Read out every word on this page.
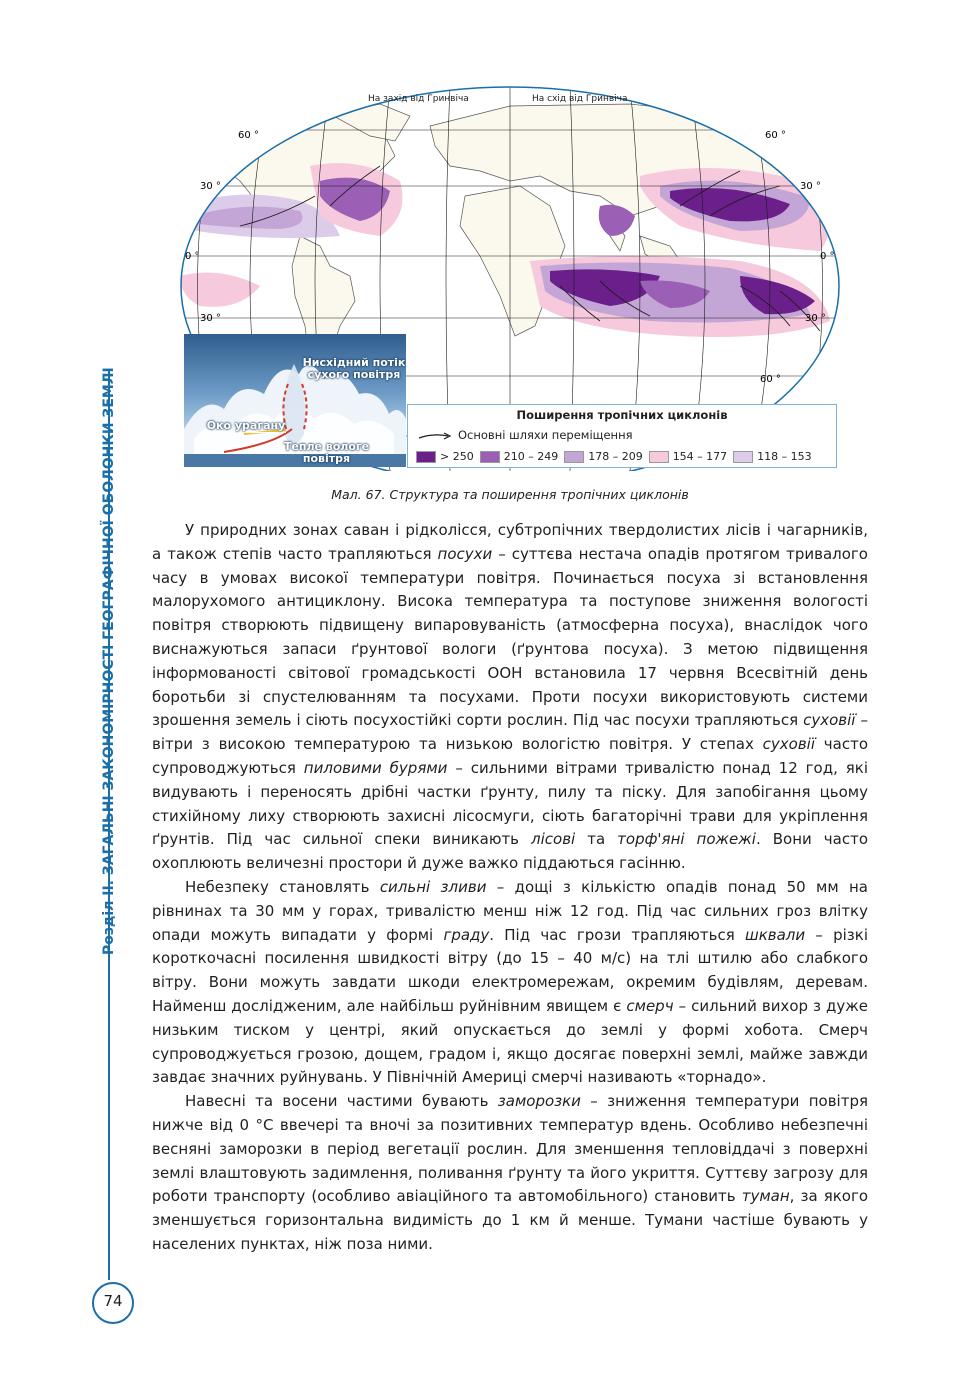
Розділ ІІ. ЗАГАЛЬНІ ЗАКОНОМІРНОСТІ ГЕОГРАФІЧНОЇ ОБОЛОНКИ ЗЕМЛІ
74
На захід від Гринвіча	На схід від Гринвіча
60 °	60 °
30 °	30 °
0 °	0 °
30 °	30 °
60 °
Нисхідний потік сухого повітря
Око урагану
Тепле вологе повітря
Поширення тропічних циклонів
Основні шляхи переміщення
> 250	210 – 249	178 – 209	154 – 177	118 – 153
Мал. 67. Структура та поширення тропічних циклонів

У природних зонах саван і рідколісся, субтропічних твердолистих лісів і чагарників, а також степів часто трапляються посухи – суттєва нестача опадів протягом тривалого часу в умовах високої температури повітря. Починається посуха зі встановлення малорухомого антициклону. Висока температура та поступове зниження вологості повітря створюють підвищену випаровуваність (атмосферна посуха), внаслідок чого виснажуються запаси ґрунтової вологи (ґрунтова посуха). З метою підвищення інформованості світової громадськості ООН встановила 17 червня Всесвітній день боротьби зі спустелюванням та посухами. Проти посухи використовують системи зрошення земель і сіють посухостійкі сорти рослин. Під час посухи трапляються суховії – вітри з високою температурою та низькою вологістю повітря. У степах суховії часто супроводжуються пиловими бурями – сильними вітрами тривалістю понад 12 год, які видувають і переносять дрібні частки ґрунту, пилу та піску. Для запобігання цьому стихійному лиху створюють захисні лісосмуги, сіють багаторічні трави для укріплення ґрунтів. Під час сильної спеки виникають лісові та торф'яні пожежі. Вони часто охоплюють величезні простори й дуже важко піддаються гасінню.

Небезпеку становлять сильні зливи – дощі з кількістю опадів понад 50 мм на рівнинах та 30 мм у горах, тривалістю менш ніж 12 год. Під час сильних гроз влітку опади можуть випадати у формі граду. Під час грози трапляються шквали – різкі короткочасні посилення швидкості вітру (до 15 – 40 м/с) на тлі штилю або слабкого вітру. Вони можуть завдати шкоди електромережам, окремим будівлям, деревам. Найменш дослідженим, але найбільш руйнівним явищем є смерч – сильний вихор з дуже низьким тиском у центрі, який опускається до землі у формі хобота. Смерч супроводжується грозою, дощем, градом і, якщо досягає поверхні землі, майже завжди завдає значних руйнувань. У Північній Америці смерчі називають «торнадо».

Навесні та восени частими бувають заморозки – зниження температури повітря нижче від 0 °С ввечері та вночі за позитивних температур вдень. Особливо небезпечні весняні заморозки в період вегетації рослин. Для зменшення тепловіддачі з поверхні землі влаштовують задимлення, поливання ґрунту та його укриття. Суттєву загрозу для роботи транспорту (особливо авіаційного та автомобільного) становить туман, за якого зменшується горизонтальна видимість до 1 км й менше. Тумани частіше бувають у населених пунктах, ніж поза ними.
